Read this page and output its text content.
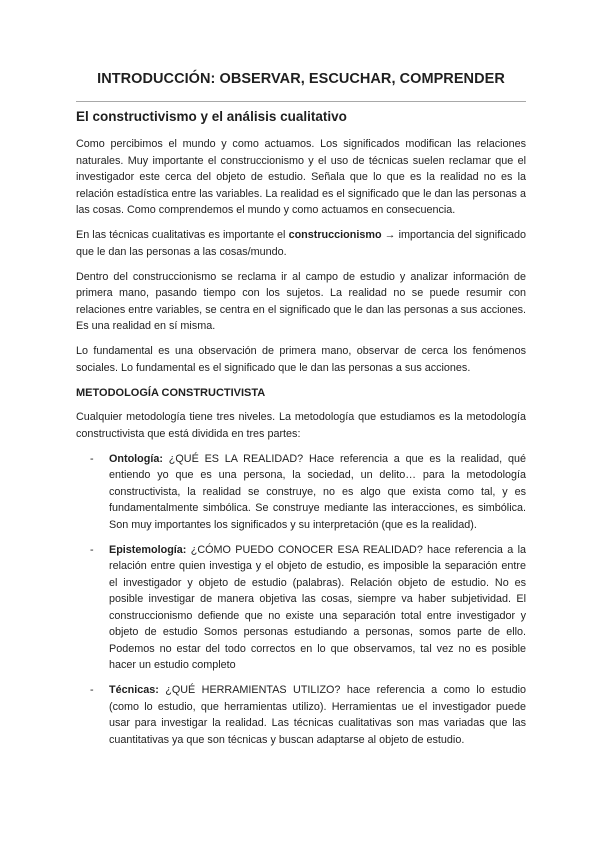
INTRODUCCIÓN: OBSERVAR, ESCUCHAR, COMPRENDER
El constructivismo y el análisis cualitativo

Como percibimos el mundo y como actuamos. Los significados modifican las relaciones naturales. Muy importante el construccionismo y el uso de técnicas suelen reclamar que el investigador este cerca del objeto de estudio. Señala que lo que es la realidad no es la relación estadística entre las variables. La realidad es el significado que le dan las personas a las cosas. Como comprendemos el mundo y como actuamos en consecuencia.

En las técnicas cualitativas es importante el construccionismo → importancia del significado que le dan las personas a las cosas/mundo.

Dentro del construccionismo se reclama ir al campo de estudio y analizar información de primera mano, pasando tiempo con los sujetos. La realidad no se puede resumir con relaciones entre variables, se centra en el significado que le dan las personas a sus acciones. Es una realidad en sí misma.

Lo fundamental es una observación de primera mano, observar de cerca los fenómenos sociales. Lo fundamental es el significado que le dan las personas a sus acciones.

METODOLOGÍA CONSTRUCTIVISTA

Cualquier metodología tiene tres niveles. La metodología que estudiamos es la metodología constructivista que está dividida en tres partes:

- Ontología: ¿QUÉ ES LA REALIDAD? Hace referencia a que es la realidad, qué entiendo yo que es una persona, la sociedad, un delito… para la metodología constructivista, la realidad se construye, no es algo que exista como tal, y es fundamentalmente simbólica. Se construye mediante las interacciones, es simbólica. Son muy importantes los significados y su interpretación (que es la realidad).
- Epistemología: ¿CÓMO PUEDO CONOCER ESA REALIDAD? hace referencia a la relación entre quien investiga y el objeto de estudio, es imposible la separación entre el investigador y objeto de estudio (palabras). Relación objeto de estudio. No es posible investigar de manera objetiva las cosas, siempre va haber subjetividad. El construccionismo defiende que no existe una separación total entre investigador y objeto de estudio Somos personas estudiando a personas, somos parte de ello. Podemos no estar del todo correctos en lo que observamos, tal vez no es posible hacer un estudio completo
- Técnicas: ¿QUÉ HERRAMIENTAS UTILIZO? hace referencia a como lo estudio (como lo estudio, que herramientas utilizo). Herramientas ue el investigador puede usar para investigar la realidad. Las técnicas cualitativas son mas variadas que las cuantitativas ya que son técnicas y buscan adaptarse al objeto de estudio.
